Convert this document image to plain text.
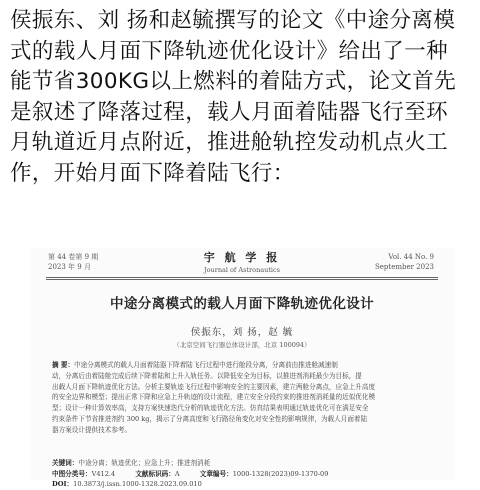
侯振东、刘 扬和赵毓撰写的论文《中途分离模
式的载人月面下降轨迹优化设计》给出了一种
能节省300KG以上燃料的着陆方式，论文首先
是叙述了降落过程，载人月面着陆器飞行至环
月轨道近月点附近，推进舱轨控发动机点火工
作，开始月面下降着陆飞行：
第 44 卷第 9 期
2023 年 9 月
宇 航 学 报
Journal of Astronautics
Vol. 44 No. 9
September 2023
中途分离模式的载人月面下降轨迹优化设计
侯振东，刘 扬，赵 毓
（北京空间飞行器总体设计部，北京 100094）
摘 要：中途分离模式的载人月面着陆器下降着陆飞行过程中进行舱段分离，分离前由推进舱减速制
动，分离后由着陆舱完成后续下降着陆和上升入轨任务。以降低安全为目标，以推进剂消耗最少为目标，提
出载人月面下降轨迹优化方法。分析主要轨迹飞行过程中影响安全的主要因素，建立两舱分离点，应急上升高度
的安全边界和模型；提出正常下降和应急上升轨迹的设计流程，建立安全分段约束的推进剂消耗量的近似优化模
型；设计一种计算效率高，支持方案快速迭代分析的轨迹优化方法。仿真结果表明通过轨迹优化可在满足安全
约束条件下节省推进剂约 300 kg，揭示了分离高度和飞行路径角变化对安全性的影响规律，为载人月面着陆
器方案设计提供技术参考。
关键词：中途分离；轨迹优化；应急上升；推进剂消耗
中图分类号：V412.4	文献标识码：A	文章编号：1000-1328(2023)09-1370-09
DOI：10.3873/j.issn.1000-1328.2023.09.010
